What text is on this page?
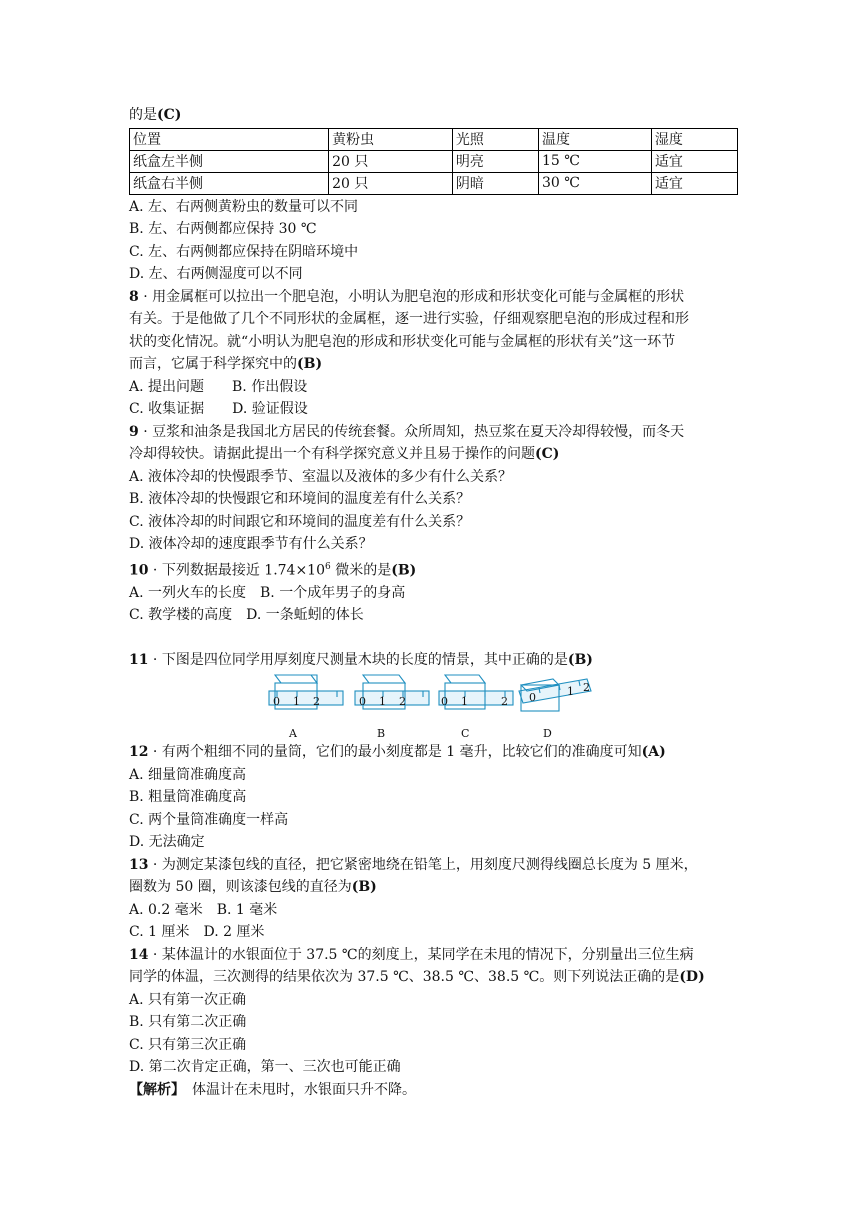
的是(C)
位置	黄粉虫	光照	温度	湿度
纸盒左半侧	20 只	明亮	15 ℃	适宜
纸盒右半侧	20 只	阴暗	30 ℃	适宜
A. 左、右两侧黄粉虫的数量可以不同
B. 左、右两侧都应保持 30 ℃
C. 左、右两侧都应保持在阴暗环境中
D. 左、右两侧湿度可以不同
8 · 用金属框可以拉出一个肥皂泡，小明认为肥皂泡的形成和形状变化可能与金属框的形状
有关。于是他做了几个不同形状的金属框，逐一进行实验，仔细观察肥皂泡的形成过程和形
状的变化情况。就“小明认为肥皂泡的形成和形状变化可能与金属框的形状有关”这一环节
而言，它属于科学探究中的(B)
A. 提出问题　　B. 作出假设
C. 收集证据　　D. 验证假设
9 · 豆浆和油条是我国北方居民的传统套餐。众所周知，热豆浆在夏天冷却得较慢，而冬天
冷却得较快。请据此提出一个有科学探究意义并且易于操作的问题(C)
A. 液体冷却的快慢跟季节、室温以及液体的多少有什么关系？
B. 液体冷却的快慢跟它和环境间的温度差有什么关系？
C. 液体冷却的时间跟它和环境间的温度差有什么关系？
D. 液体冷却的速度跟季节有什么关系？
10 · 下列数据最接近 $1.74\times 10^6$ 微米的是(B)
A. 一列火车的长度　B. 一个成年男子的身高
C. 教学楼的高度　D. 一条蚯蚓的体长
11 · 下图是四位同学用厚刻度尺测量木块的长度的情景，其中正确的是(B)
0 1 2	0 1 2	0 1	2 0	1 2
A	B	C	D
12 · 有两个粗细不同的量筒，它们的最小刻度都是 1 毫升，比较它们的准确度可知(A)
A. 细量筒准确度高
B. 粗量筒准确度高
C. 两个量筒准确度一样高
D. 无法确定
13 · 为测定某漆包线的直径，把它紧密地绕在铅笔上，用刻度尺测得线圈总长度为 5 厘米，
圈数为 50 圈，则该漆包线的直径为(B)
A. 0.2 毫米　B. 1 毫米
C. 1 厘米　D. 2 厘米
14 · 某体温计的水银面位于 37.5 ℃的刻度上，某同学在未甩的情况下，分别量出三位生病
同学的体温，三次测得的结果依次为 37.5 ℃、38.5 ℃、38.5 ℃。则下列说法正确的是(D)
A. 只有第一次正确
B. 只有第二次正确
C. 只有第三次正确
D. 第二次肯定正确，第一、三次也可能正确
【解析】　体温计在未甩时，水银面只升不降。
